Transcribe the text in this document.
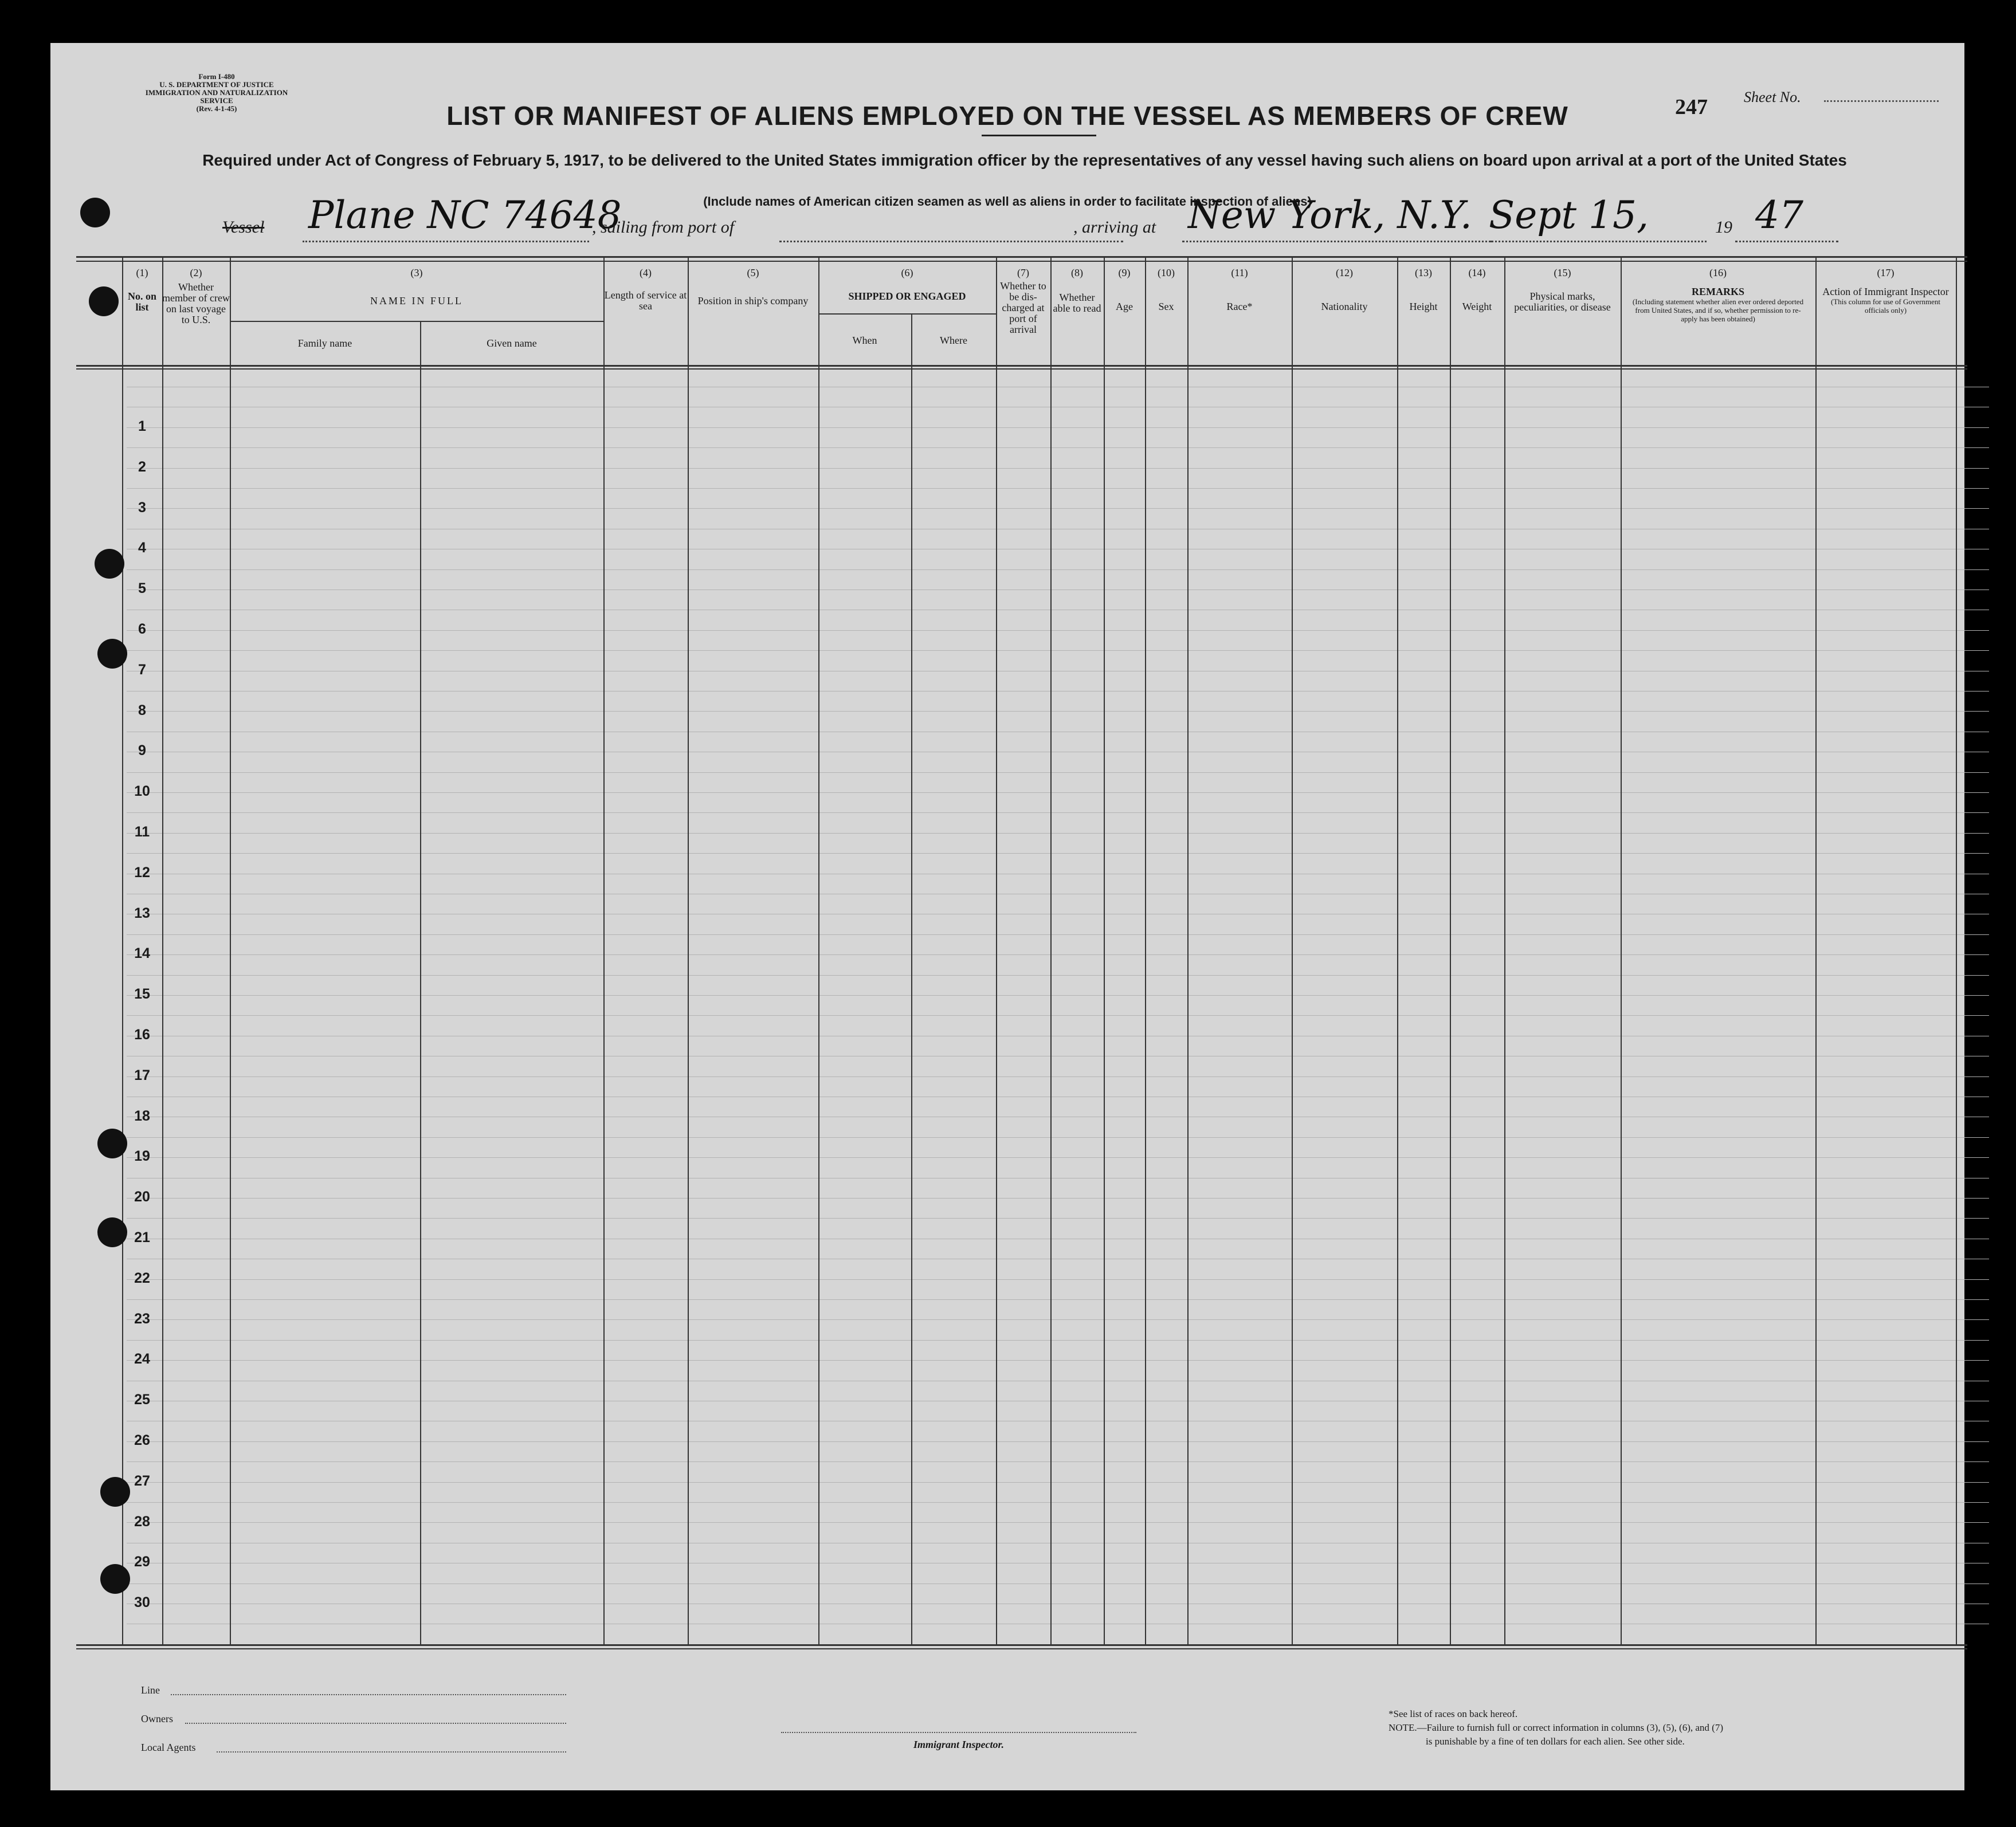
Form I-480
U. S. DEPARTMENT OF JUSTICE
IMMIGRATION AND NATURALIZATION SERVICE
(Rev. 4-1-45)	LIST OR MANIFEST OF ALIENS EMPLOYED ON THE VESSEL AS MEMBERS OF CREW	247 Sheet No.
Required under Act of Congress of February 5, 1917, to be delivered to the United States immigration officer by the representatives of any vessel having such aliens on board upon arrival at a port of the United States
(Include names of American citizen seamen as well as aliens in order to facilitate inspection of aliens)
Vessel Plane NC 74648
, sailing from port of	, arriving at New York, N.Y. Sept 15,	19 47
(1)
No. on list
(2)
Whether member of crew on last voyage to U.S.
(3)
NAME IN FULL
Family name	Given name
(4)
Length of service at sea
(5)
Position in ship's company
(6)
SHIPPED OR ENGAGED
When	Where
(7)
Whether to be dis-charged at port of arrival
(8)
Whether able to read
(9)
Age
(10)
Sex
(11)
Race*
(12)
Nationality
(13)
Height
(14)
Weight
(15)
Physical marks, peculiarities, or disease
(16)
REMARKS
(Including statement whether alien ever ordered deported from United States, and if so, whether permission to re-apply has been obtained)
(17)
Action of Immigrant Inspector
(This column for use of Government officials only)
1
2
3
4
5
6
7
8
9
10
11
12
13
14
15
16
17
18
19
20
21
22
23
24
25
26
27
28
29
30
Line
Owners
Local Agents	Immigrant Inspector.
*See list of races on back hereof.
NOTE.—Failure to furnish full or correct information in columns (3), (5), (6), and (7)
is punishable by a fine of ten dollars for each alien. See other side.
